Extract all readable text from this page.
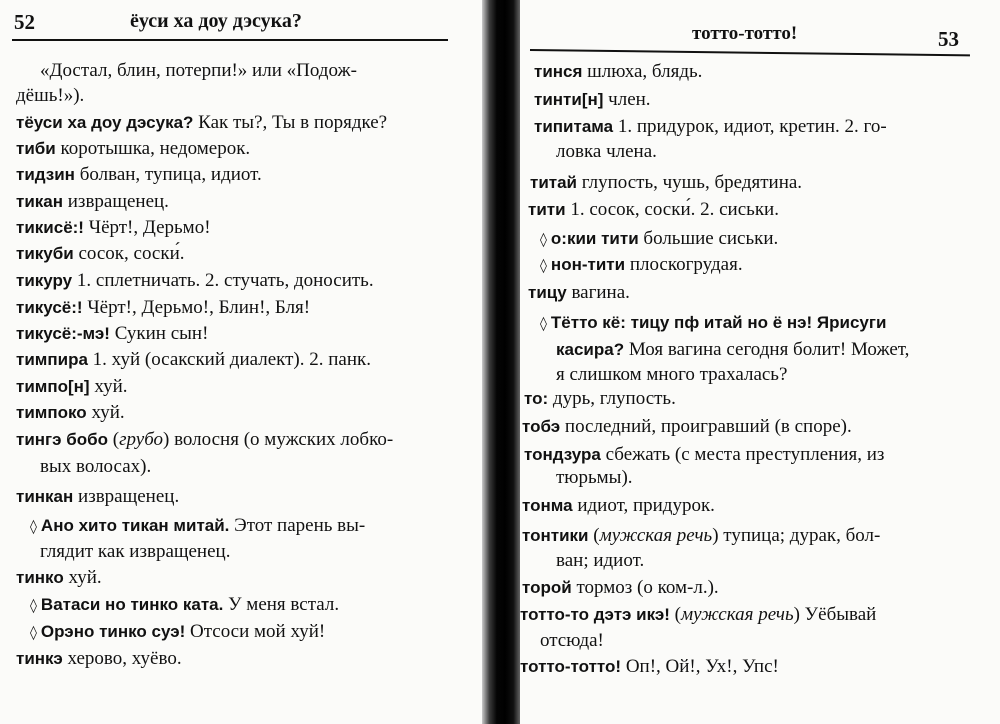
52	ёуси ха доу дэсука?
«Достал, блин, потерпи!» или «Подож-
дёшь!»).
тёуси ха доу дэсука? Как ты?, Ты в порядке?
тиби коротышка, недомерок.
тидзин болван, тупица, идиот.
тикан извращенец.
тикисё:! Чёрт!, Дерьмо!
тикуби сосок, соски́.
тикуру 1. сплетничать. 2. стучать, доносить.
тикусё:! Чёрт!, Дерьмо!, Блин!, Бля!
тикусё:-мэ! Сукин сын!
тимпира 1. хуй (осакский диалект). 2. панк.
тимпо[н] хуй.
тимпоко хуй.
тингэ бобо (грубо) волосня (о мужских лобко-
вых волосах).
тинкан извращенец.
◊ Ано хито тикан митай. Этот парень вы-
глядит как извращенец.
тинко хуй.
◊ Ватаси но тинко ката. У меня встал.
◊ Орэно тинко суэ! Отсоси мой хуй!
тинкэ херово, хуёво.
тотто-тотто!	53
тинся шлюха, блядь.
тинти[н] член.
типитама 1. придурок, идиот, кретин. 2. го-
ловка члена.
титай глупость, чушь, бредятина.
тити 1. сосок, соски́. 2. сиськи.
◊ о:кии тити большие сиськи.
◊ нон-тити плоскогрудая.
тицу вагина.
◊ Тётто кё: тицу пф итай но ё нэ! Ярисуги
касира? Моя вагина сегодня болит! Может,
я слишком много трахалась?
то: дурь, глупость.
тобэ последний, проигравший (в споре).
тондзура сбежать (с места преступления, из
тюрьмы).
тонма идиот, придурок.
тонтики (мужская речь) тупица; дурак, бол-
ван; идиот.
торой тормоз (о ком-л.).
тотто-то дэтэ икэ! (мужская речь) Уёбывай
отсюда!
тотто-тотто! Оп!, Ой!, Ух!, Упс!
